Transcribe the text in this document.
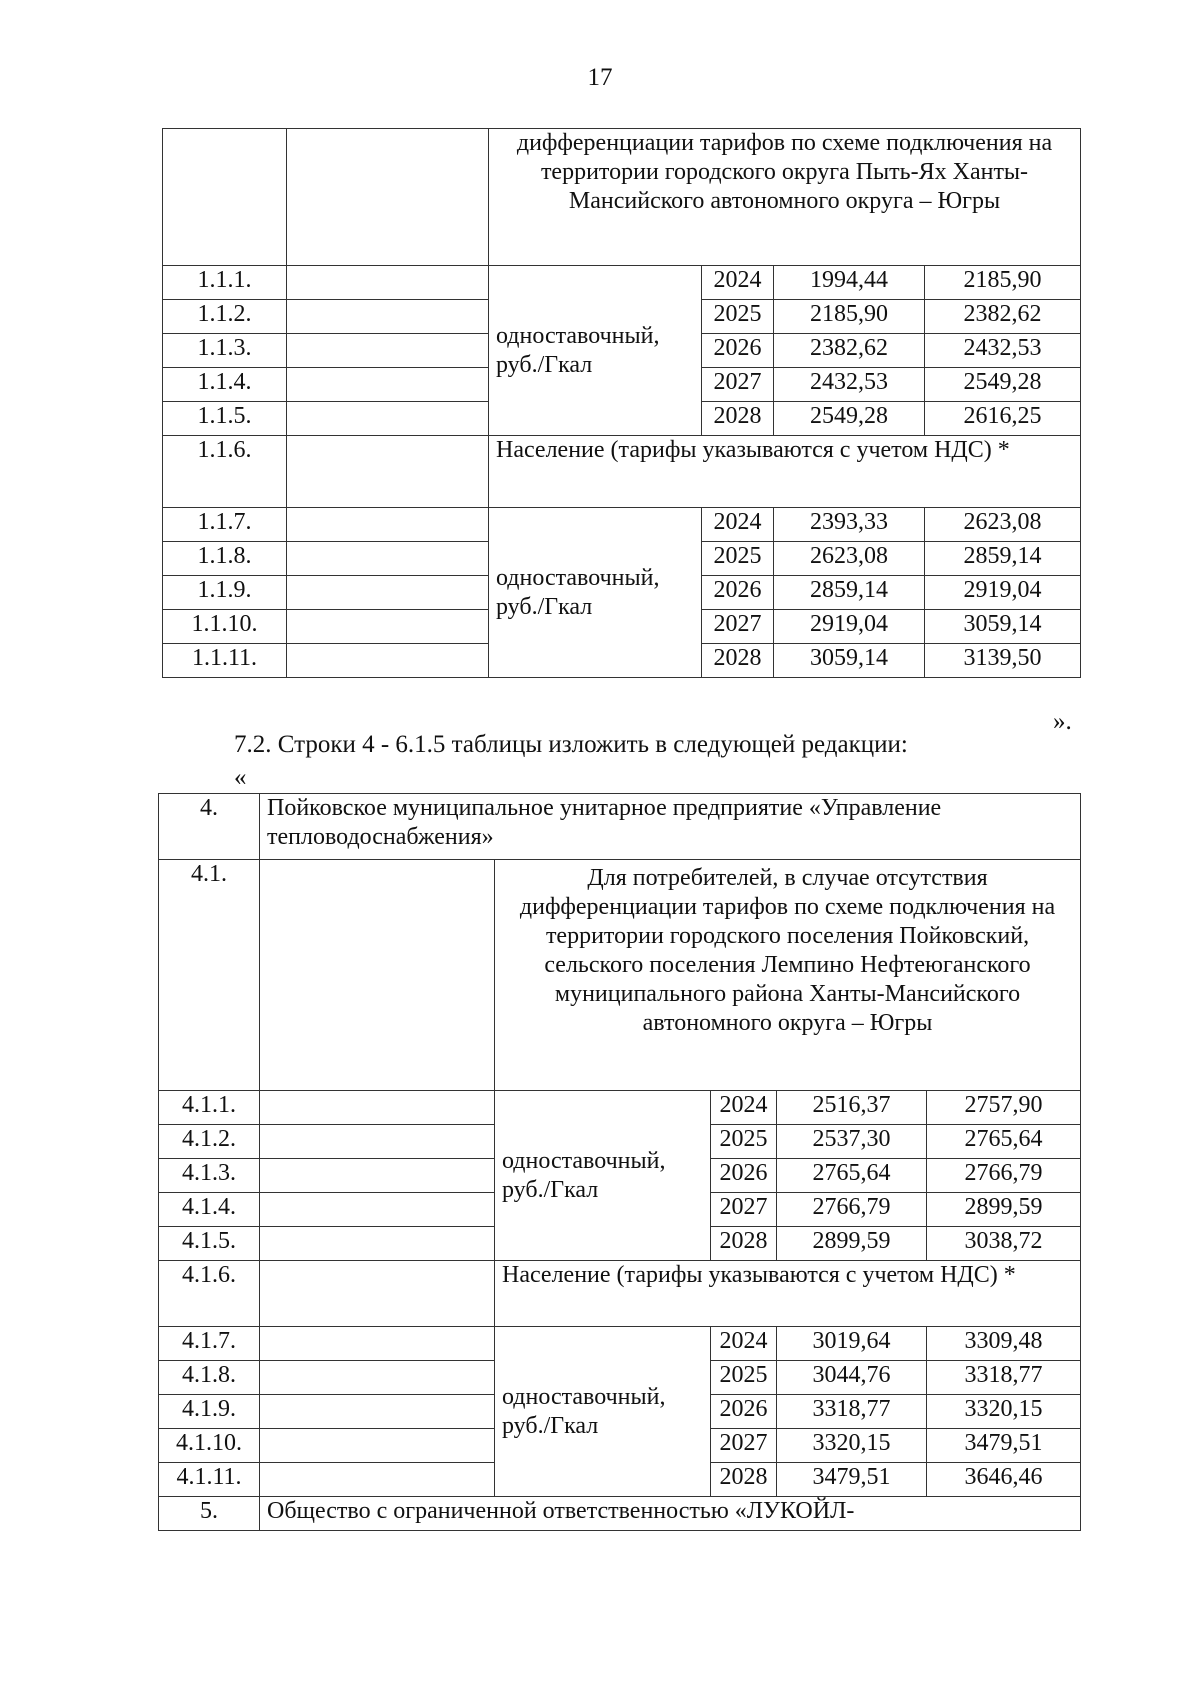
17
		дифференциации тарифов по схеме подключения на территории городского округа Пыть-Ях Ханты-Мансийского автономного округа – Югры			
1.1.1.		одноставочный, руб./Гкал	2024	1994,44	2185,90
1.1.2.			2025	2185,90	2382,62
1.1.3.			2026	2382,62	2432,53
1.1.4.			2027	2432,53	2549,28
1.1.5.			2028	2549,28	2616,25
1.1.6.		Население (тарифы указываются с учетом НДС) *			
1.1.7.		одноставочный, руб./Гкал	2024	2393,33	2623,08
1.1.8.			2025	2623,08	2859,14
1.1.9.			2026	2859,14	2919,04
1.1.10.			2027	2919,04	3059,14
1.1.11.			2028	3059,14	3139,50
».
7.2. Строки 4 - 6.1.5 таблицы изложить в следующей редакции:
«
4.	Пойковское муниципальное унитарное предприятие «Управление тепловодоснабжения»				
4.1.		Для потребителей, в случае отсутствия дифференциации тарифов по схеме подключения на территории городского поселения Пойковский, сельского поселения Лемпино Нефтеюганского муниципального района Ханты-Мансийского автономного округа – Югры			
4.1.1.		одноставочный, руб./Гкал	2024	2516,37	2757,90
4.1.2.			2025	2537,30	2765,64
4.1.3.			2026	2765,64	2766,79
4.1.4.			2027	2766,79	2899,59
4.1.5.			2028	2899,59	3038,72
4.1.6.		Население (тарифы указываются с учетом НДС) *			
4.1.7.		одноставочный, руб./Гкал	2024	3019,64	3309,48
4.1.8.			2025	3044,76	3318,77
4.1.9.			2026	3318,77	3320,15
4.1.10.			2027	3320,15	3479,51
4.1.11.			2028	3479,51	3646,46
5.	Общество с ограниченной ответственностью «ЛУКОЙЛ-				
